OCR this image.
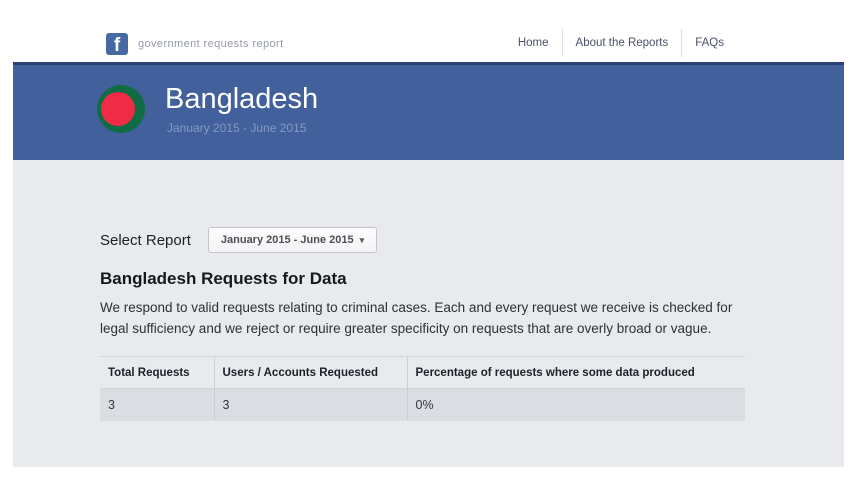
f	government requests report	Home	About the Reports	FAQs
Bangladesh
January 2015 - June 2015
Select Report	January 2015 - June 2015 ▾
Bangladesh Requests for Data

We respond to valid requests relating to criminal cases. Each and every request we receive is checked for legal sufficiency and we reject or require greater specificity on requests that are overly broad or vague.

Total Requests	Users / Accounts Requested	Percentage of requests where some data produced
3	3	0%
